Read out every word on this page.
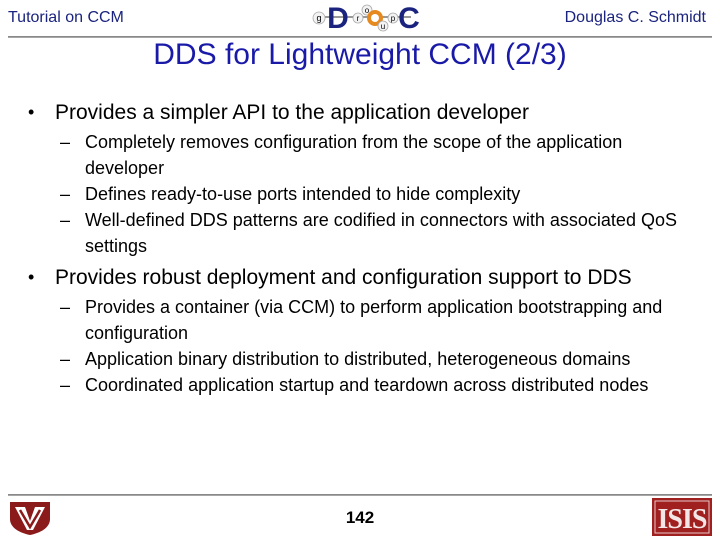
Tutorial on CCM	g D r
o
u
p C	Douglas C. Schmidt
DDS for Lightweight CCM (2/3)
• Provides a simpler API to the application developer
– Completely removes configuration from the scope of the application developer
– Defines ready-to-use ports intended to hide complexity
– Well-defined DDS patterns are codified in connectors with associated QoS settings
• Provides robust deployment and configuration support to DDS
– Provides a container (via CCM) to perform application bootstrapping and configuration
– Application binary distribution to distributed, heterogeneous domains
– Coordinated application startup and teardown across distributed nodes
142	ISIS
